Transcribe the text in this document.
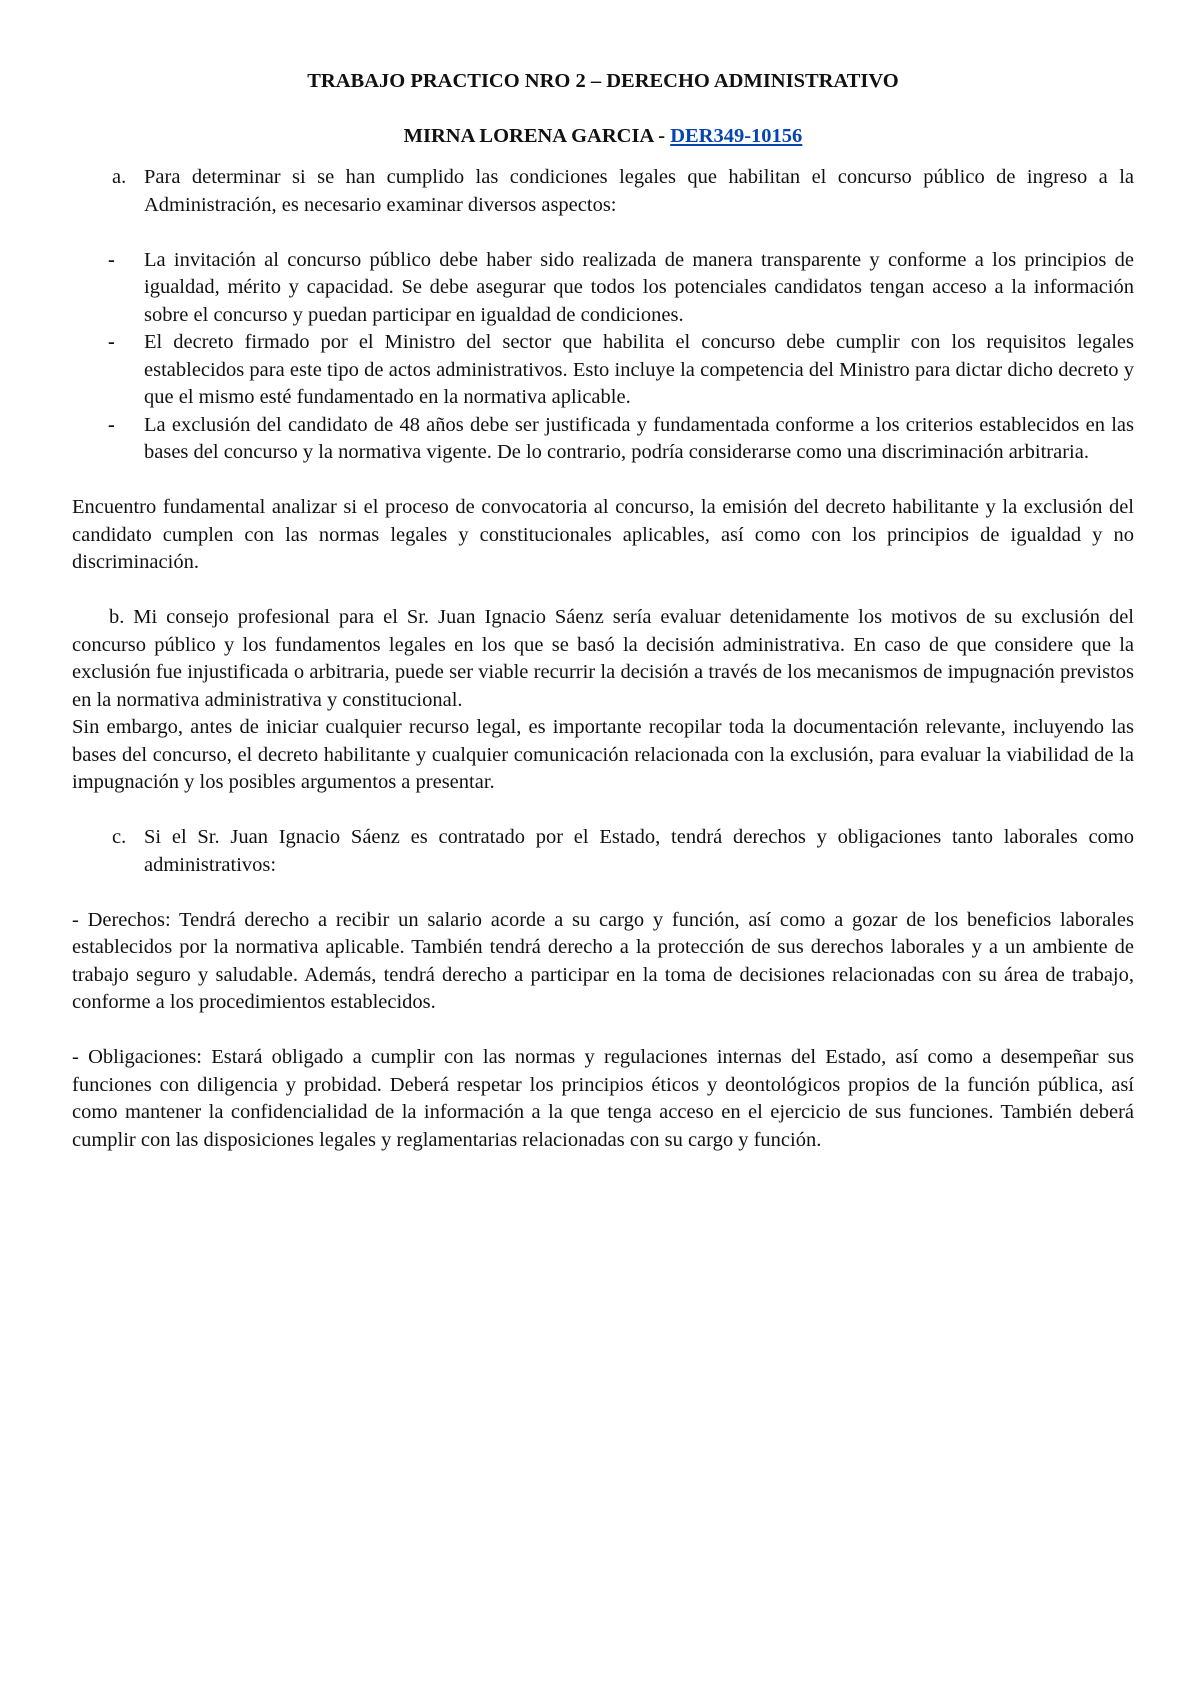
TRABAJO PRACTICO NRO 2 – DERECHO ADMINISTRATIVO

MIRNA LORENA GARCIA - DER349-10156

a. Para determinar si se han cumplido las condiciones legales que habilitan el concurso público de ingreso a la Administración, es necesario examinar diversos aspectos:
-	La invitación al concurso público debe haber sido realizada de manera transparente y conforme a los principios de igualdad, mérito y capacidad. Se debe asegurar que todos los potenciales candidatos tengan acceso a la información sobre el concurso y puedan participar en igualdad de condiciones.
-	El decreto firmado por el Ministro del sector que habilita el concurso debe cumplir con los requisitos legales establecidos para este tipo de actos administrativos. Esto incluye la competencia del Ministro para dictar dicho decreto y que el mismo esté fundamentado en la normativa aplicable.
-	La exclusión del candidato de 48 años debe ser justificada y fundamentada conforme a los criterios establecidos en las bases del concurso y la normativa vigente. De lo contrario, podría considerarse como una discriminación arbitraria.

Encuentro fundamental analizar si el proceso de convocatoria al concurso, la emisión del decreto habilitante y la exclusión del candidato cumplen con las normas legales y constitucionales aplicables, así como con los principios de igualdad y no discriminación.

b. Mi consejo profesional para el Sr. Juan Ignacio Sáenz sería evaluar detenidamente los motivos de su exclusión del concurso público y los fundamentos legales en los que se basó la decisión administrativa. En caso de que considere que la exclusión fue injustificada o arbitraria, puede ser viable recurrir la decisión a través de los mecanismos de impugnación previstos en la normativa administrativa y constitucional.

Sin embargo, antes de iniciar cualquier recurso legal, es importante recopilar toda la documentación relevante, incluyendo las bases del concurso, el decreto habilitante y cualquier comunicación relacionada con la exclusión, para evaluar la viabilidad de la impugnación y los posibles argumentos a presentar.

c. Si el Sr. Juan Ignacio Sáenz es contratado por el Estado, tendrá derechos y obligaciones tanto laborales como administrativos:

- Derechos: Tendrá derecho a recibir un salario acorde a su cargo y función, así como a gozar de los beneficios laborales establecidos por la normativa aplicable. También tendrá derecho a la protección de sus derechos laborales y a un ambiente de trabajo seguro y saludable. Además, tendrá derecho a participar en la toma de decisiones relacionadas con su área de trabajo, conforme a los procedimientos establecidos.

- Obligaciones: Estará obligado a cumplir con las normas y regulaciones internas del Estado, así como a desempeñar sus funciones con diligencia y probidad. Deberá respetar los principios éticos y deontológicos propios de la función pública, así como mantener la confidencialidad de la información a la que tenga acceso en el ejercicio de sus funciones. También deberá cumplir con las disposiciones legales y reglamentarias relacionadas con su cargo y función.
